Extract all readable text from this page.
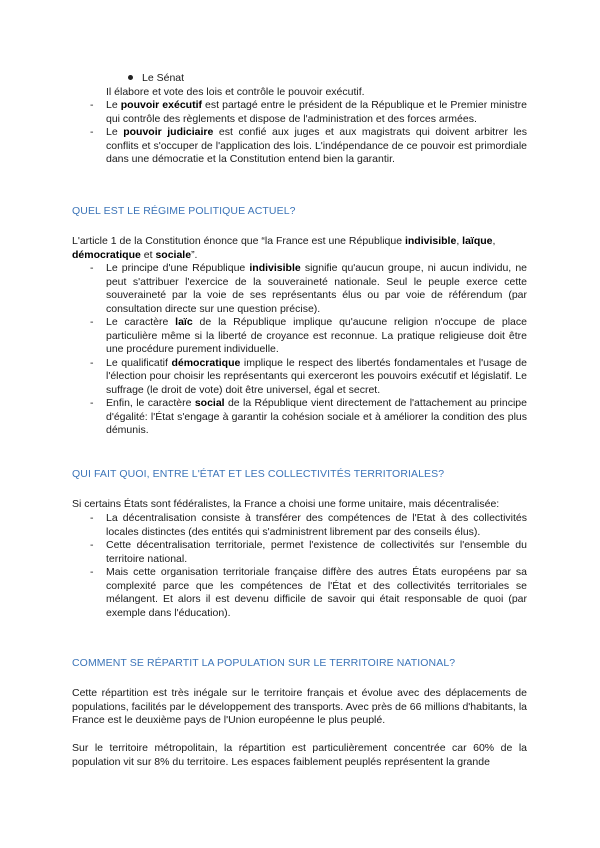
Le Sénat
Il élabore et vote des lois et contrôle le pouvoir exécutif.
- Le pouvoir exécutif est partagé entre le président de la République et le Premier ministre qui contrôle des règlements et dispose de l'administration et des forces armées.
- Le pouvoir judiciaire est confié aux juges et aux magistrats qui doivent arbitrer les conflits et s'occuper de l'application des lois. L'indépendance de ce pouvoir est primordiale dans une démocratie et la Constitution entend bien la garantir.
QUEL EST LE RÉGIME POLITIQUE ACTUEL?
L'article 1 de la Constitution énonce que “la France est une République indivisible, laïque, démocratique et sociale”.
- Le principe d'une République indivisible signifie qu'aucun groupe, ni aucun individu, ne peut s'attribuer l'exercice de la souveraineté nationale. Seul le peuple exerce cette souveraineté par la voie de ses représentants élus ou par voie de référendum (par consultation directe sur une question précise).
- Le caractère laïc de la République implique qu'aucune religion n'occupe de place particulière même si la liberté de croyance est reconnue. La pratique religieuse doit être une procédure purement individuelle.
- Le qualificatif démocratique implique le respect des libertés fondamentales et l'usage de l'élection pour choisir les représentants qui exerceront les pouvoirs exécutif et législatif. Le suffrage (le droit de vote) doit être universel, égal et secret.
- Enfin, le caractère social de la République vient directement de l'attachement au principe d'égalité: l'État s'engage à garantir la cohésion sociale et à améliorer la condition des plus démunis.
QUI FAIT QUOI, ENTRE L'ÉTAT ET LES COLLECTIVITÉS TERRITORIALES?
Si certains États sont fédéralistes, la France a choisi une forme unitaire, mais décentralisée:
- La décentralisation consiste à transférer des compétences de l'Etat à des collectivités locales distinctes (des entités qui s'administrent librement par des conseils élus).
- Cette décentralisation territoriale, permet l'existence de collectivités sur l'ensemble du territoire national.
- Mais cette organisation territoriale française diffère des autres États européens par sa complexité parce que les compétences de l'État et des collectivités territoriales se mélangent. Et alors il est devenu difficile de savoir qui était responsable de quoi (par exemple dans l'éducation).
COMMENT SE RÉPARTIT LA POPULATION SUR LE TERRITOIRE NATIONAL?
Cette répartition est très inégale sur le territoire français et évolue avec des déplacements de populations, facilités par le développement des transports. Avec près de 66 millions d'habitants, la France est le deuxième pays de l'Union européenne le plus peuplé.
Sur le territoire métropolitain, la répartition est particulièrement concentrée car 60% de la population vit sur 8% du territoire. Les espaces faiblement peuplés représentent la grande
